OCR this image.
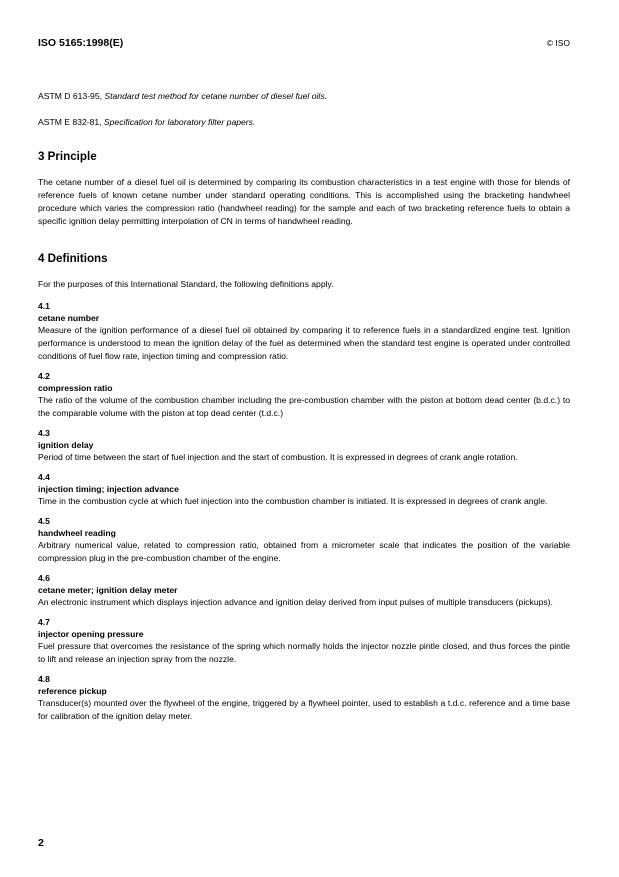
ISO 5165:1998(E)	© ISO

ASTM D 613-95, Standard test method for cetane number of diesel fuel oils.

ASTM E 832-81, Specification for laboratory filter papers.

3 Principle

The cetane number of a diesel fuel oil is determined by comparing its combustion characteristics in a test engine with those for blends of reference fuels of known cetane number under standard operating conditions. This is accomplished using the bracketing handwheel procedure which varies the compression ratio (handwheel reading) for the sample and each of two bracketing reference fuels to obtain a specific ignition delay permitting interpolation of CN in terms of handwheel reading.

4 Definitions

For the purposes of this International Standard, the following definitions apply.

4.1
cetane number

Measure of the ignition performance of a diesel fuel oil obtained by comparing it to reference fuels in a standardized engine test. Ignition performance is understood to mean the ignition delay of the fuel as determined when the standard test engine is operated under controlled conditions of fuel flow rate, injection timing and compression ratio.

4.2
compression ratio

The ratio of the volume of the combustion chamber including the pre-combustion chamber with the piston at bottom dead center (b.d.c.) to the comparable volume with the piston at top dead center (t.d.c.)

4.3
ignition delay

Period of time between the start of fuel injection and the start of combustion. It is expressed in degrees of crank angle rotation.

4.4
injection timing; injection advance

Time in the combustion cycle at which fuel injection into the combustion chamber is initiated. It is expressed in degrees of crank angle.

4.5
handwheel reading

Arbitrary numerical value, related to compression ratio, obtained from a micrometer scale that indicates the position of the variable compression plug in the pre-combustion chamber of the engine.

4.6
cetane meter; ignition delay meter

An electronic instrument which displays injection advance and ignition delay derived from input pulses of multiple transducers (pickups).

4.7
injector opening pressure

Fuel pressure that overcomes the resistance of the spring which normally holds the injector nozzle pintle closed, and thus forces the pintle to lift and release an injection spray from the nozzle.

4.8
reference pickup

Transducer(s) mounted over the flywheel of the engine, triggered by a flywheel pointer, used to establish a t.d.c. reference and a time base for calibration of the ignition delay meter.

2
